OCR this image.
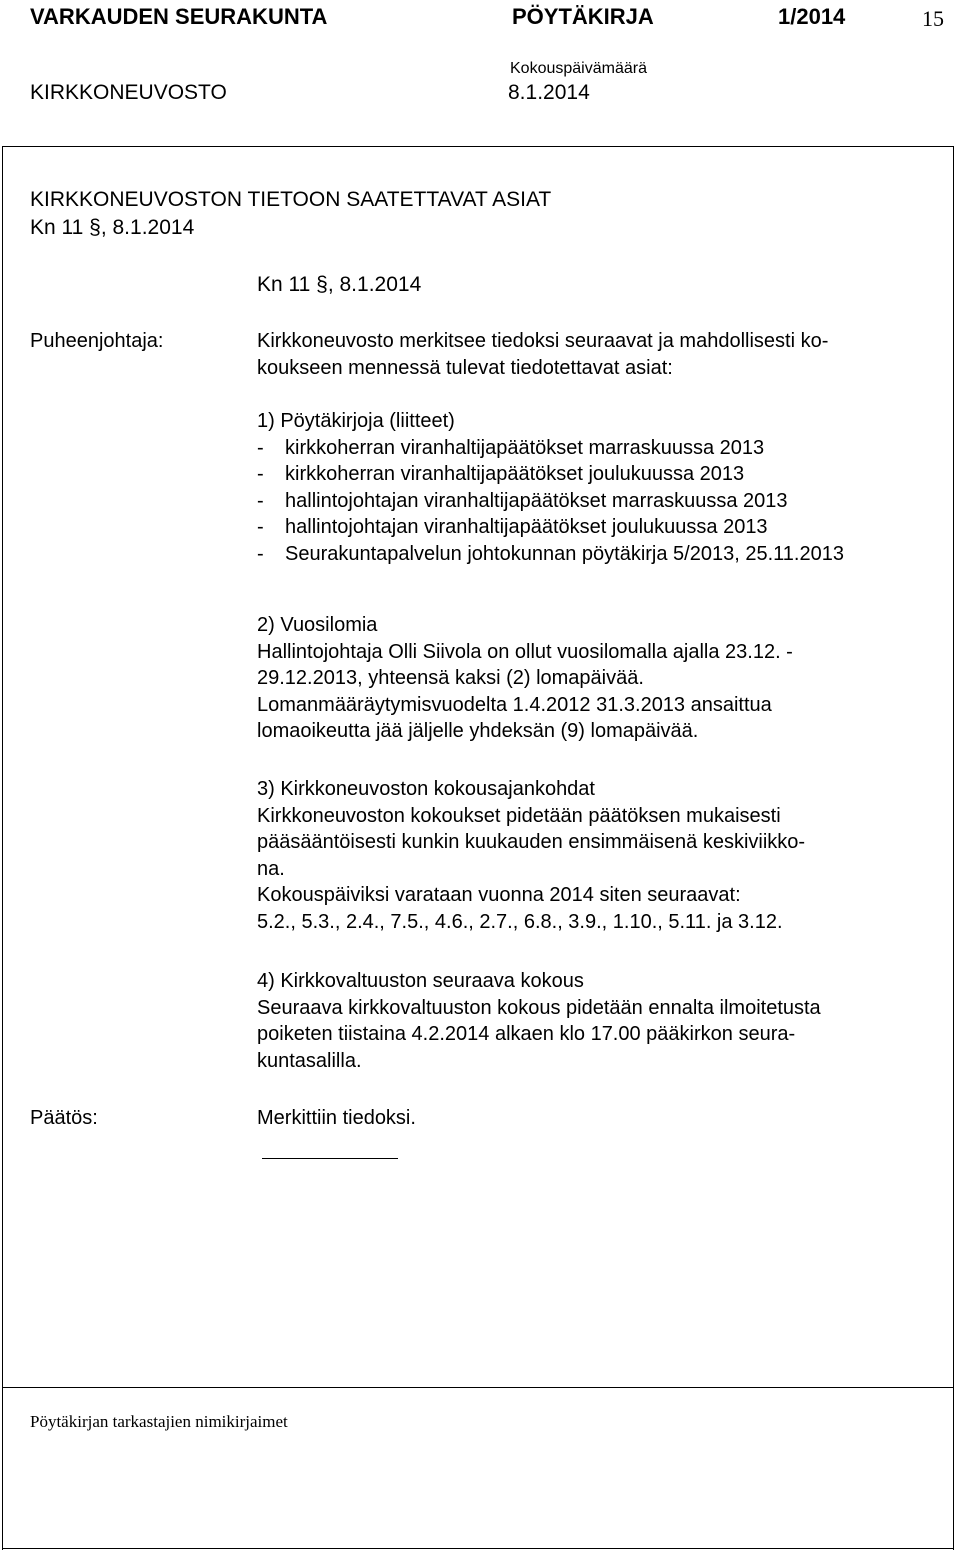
VARKAUDEN SEURAKUNTA	PÖYTÄKIRJA	1/2014	15
Kokouspäivämäärä
KIRKKONEUVOSTO	8.1.2014
KIRKKONEUVOSTON TIETOON SAATETTAVAT ASIAT
Kn 11 §, 8.1.2014
Kn 11 §, 8.1.2014
Puheenjohtaja:	Kirkkoneuvosto merkitsee tiedoksi seuraavat ja mahdollisesti ko-
koukseen mennessä tulevat tiedotettavat asiat:
1) Pöytäkirjoja (liitteet)
- kirkkoherran viranhaltijapäätökset marraskuussa 2013
- kirkkoherran viranhaltijapäätökset joulukuussa 2013
- hallintojohtajan viranhaltijapäätökset marraskuussa 2013
- hallintojohtajan viranhaltijapäätökset joulukuussa 2013
- Seurakuntapalvelun johtokunnan pöytäkirja 5/2013, 25.11.2013
2) Vuosilomia
Hallintojohtaja Olli Siivola on ollut vuosilomalla ajalla 23.12. -
29.12.2013, yhteensä kaksi (2) lomapäivää.
Lomanmääräytymisvuodelta 1.4.2012 31.3.2013 ansaittua
lomaoikeutta jää jäljelle yhdeksän (9) lomapäivää.
3) Kirkkoneuvoston kokousajankohdat
Kirkkoneuvoston kokoukset pidetään päätöksen mukaisesti
pääsääntöisesti kunkin kuukauden ensimmäisenä keskiviikko-
na.
Kokouspäiviksi varataan vuonna 2014 siten seuraavat:
5.2., 5.3., 2.4., 7.5., 4.6., 2.7., 6.8., 3.9., 1.10., 5.11. ja 3.12.
4) Kirkkovaltuuston seuraava kokous
Seuraava kirkkovaltuuston kokous pidetään ennalta ilmoitetusta
poiketen tiistaina 4.2.2014 alkaen klo 17.00 pääkirkon seura-
kuntasalilla.
Päätös:	Merkittiin tiedoksi.
Pöytäkirjan tarkastajien nimikirjaimet
